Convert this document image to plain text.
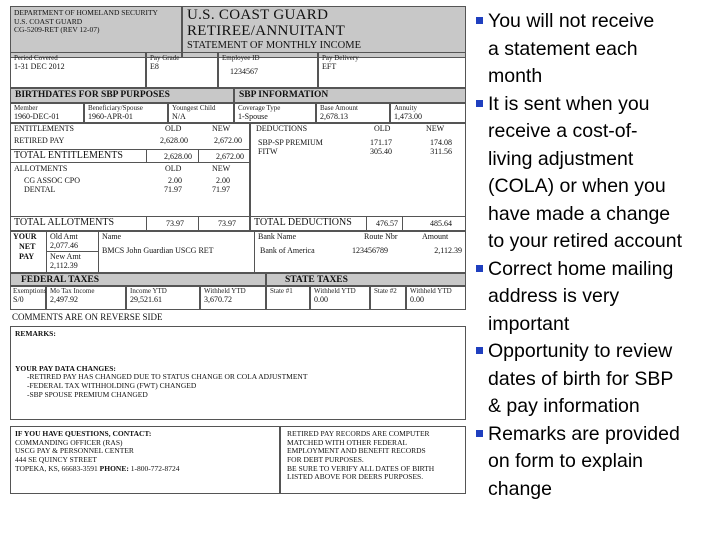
DEPARTMENT OF HOMELAND SECURITY
U.S. COAST GUARD
CG-5209-RET (REV 12-07)
U.S. COAST GUARD
RETIREE/ANNUITANT
STATEMENT OF MONTHLY INCOME
Period Covered
1-31 DEC 2012
Pay Grade
E8
Employee ID
1234567
Pay Delivery
EFT
BIRTHDATES FOR SBP PURPOSES	SBP INFORMATION
Member
1960-DEC-01
Beneficiary/Spouse
1960-APR-01
Youngest Child
N/A
Coverage Type
1-Spouse
Base Amount
2,678.13
Annuity
1,473.00
ENTITLEMENTS	OLD	NEW
RETIRED PAY	2,628.00	2,672.00
TOTAL ENTITLEMENTS	2,628.00	2,672.00
ALLOTMENTS	OLD	NEW
CG ASSOC CPO	2.00	2.00
DENTAL	71.97	71.97
DEDUCTIONS	OLD	NEW
SBP-SP PREMIUM	171.17	174.08
FITW	305.40	311.56
TOTAL ALLOTMENTS	73.97	73.97 TOTAL DEDUCTIONS	476.57	485.64
YOUR
NET
PAY
Old Amt
2,077.46
New Amt
2,112.39
Name
BMCS John Guardian USCG RET
Bank Name
Bank of America
Route Nbr
123456789
Amount
2,112.39
FEDERAL TAXES	STATE TAXES
Exemptions
S/0
Mo Tax Income
2,497.92
Income YTD
29,521.61
Withheld YTD
3,670.72
State #1	Withheld YTD
0.00
State #2	Withheld YTD
0.00
COMMENTS ARE ON REVERSE SIDE
REMARKS:
YOUR PAY DATA CHANGES:
-RETIRED PAY HAS CHANGED DUE TO STATUS CHANGE OR COLA ADJUSTMENT
-FEDERAL TAX WITHHOLDING (FWT) CHANGED
-SBP SPOUSE PREMIUM CHANGED
IF YOU HAVE QUESTIONS, CONTACT:
COMMANDING OFFICER (RAS)
USCG PAY & PERSONNEL CENTER
444 SE QUINCY STREET
TOPEKA, KS, 66683-3591 PHONE: 1-800-772-8724
RETIRED PAY RECORDS ARE COMPUTER
MATCHED WITH OTHER FEDERAL
EMPLOYMENT AND BENEFIT RECORDS
FOR DEBT PURPOSES.
BE SURE TO VERIFY ALL DATES OF BIRTH
LISTED ABOVE FOR DEERS PURPOSES.
You will not receive
a statement each
month
It is sent when you
receive a cost-of-
living adjustment
(COLA) or when you
have made a change
to your retired account
Correct home mailing
address is very
important
Opportunity to review
dates of birth for SBP
& pay information
Remarks are provided
on form to explain
change
